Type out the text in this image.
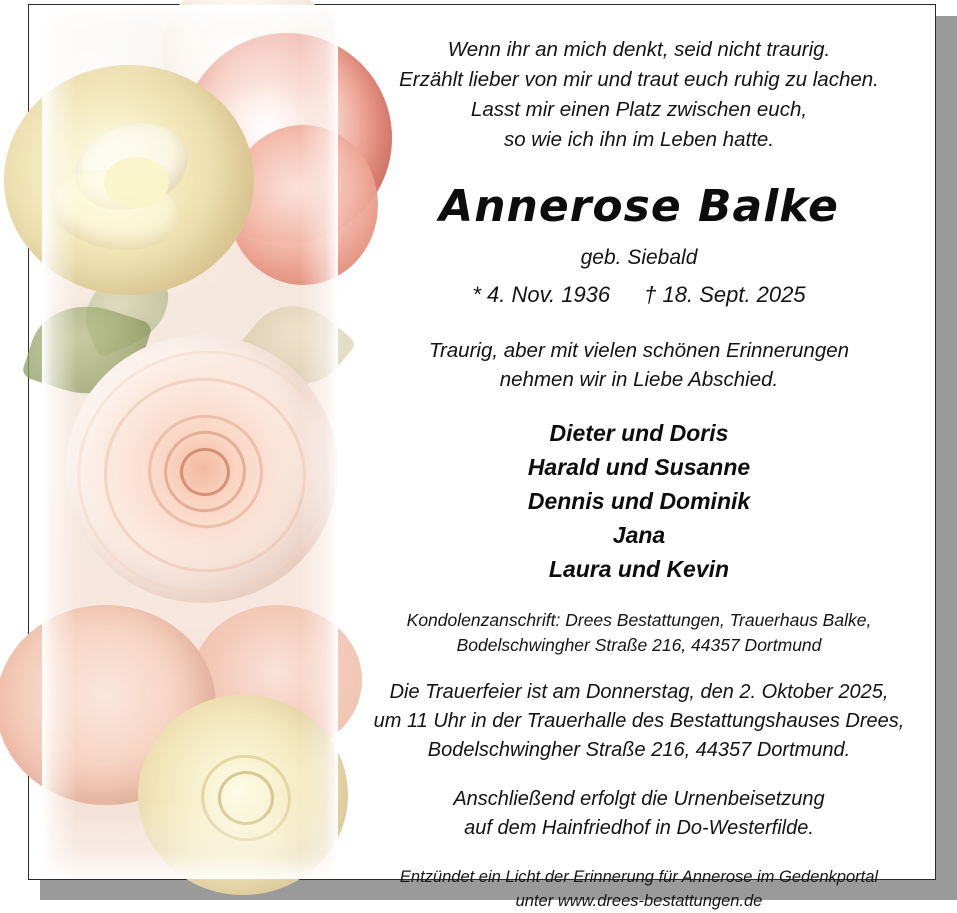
Wenn ihr an mich denkt, seid nicht traurig.
Erzählt lieber von mir und traut euch ruhig zu lachen.
Lasst mir einen Platz zwischen euch,
so wie ich ihn im Leben hatte.
Annerose Balke
geb. Siebald
* 4. Nov. 1936 † 18. Sept. 2025
Traurig, aber mit vielen schönen Erinnerungen
nehmen wir in Liebe Abschied.
Dieter und Doris
Harald und Susanne
Dennis und Dominik
Jana
Laura und Kevin
Kondolenzanschrift: Drees Bestattungen, Trauerhaus Balke,
Bodelschwingher Straße 216, 44357 Dortmund
Die Trauerfeier ist am Donnerstag, den 2. Oktober 2025,
um 11 Uhr in der Trauerhalle des Bestattungshauses Drees,
Bodelschwingher Straße 216, 44357 Dortmund.
Anschließend erfolgt die Urnenbeisetzung
auf dem Hainfriedhof in Do-Westerfilde.
Entzündet ein Licht der Erinnerung für Annerose im Gedenkportal
unter www.drees-bestattungen.de
